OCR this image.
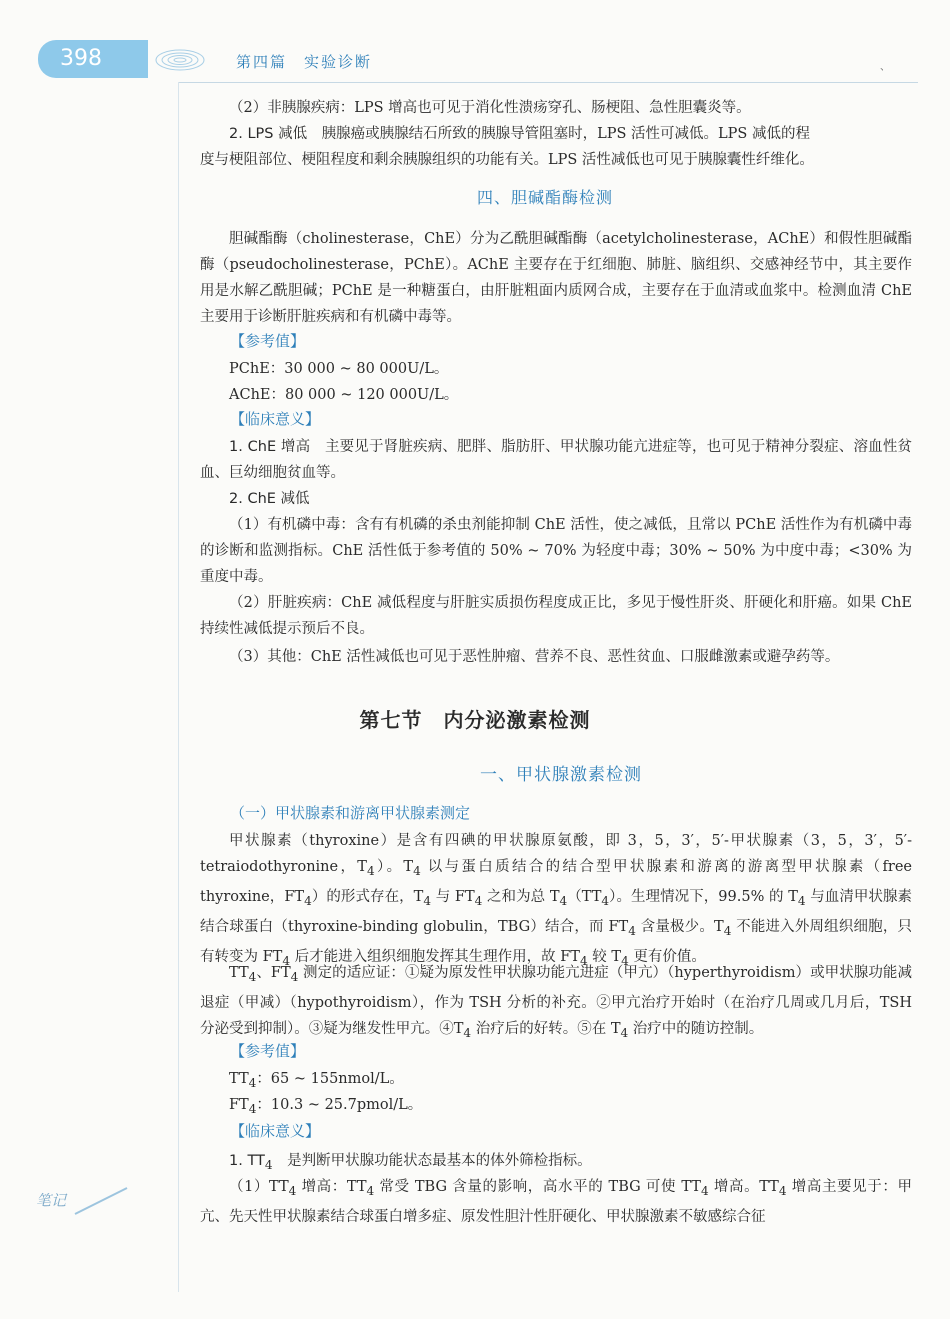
398	第四篇　实验诊断	、

（2）非胰腺疾病：LPS 增高也可见于消化性溃疡穿孔、肠梗阻、急性胆囊炎等。

2. LPS 减低　胰腺癌或胰腺结石所致的胰腺导管阻塞时，LPS 活性可减低。LPS 减低的程

度与梗阻部位、梗阻程度和剩余胰腺组织的功能有关。LPS 活性减低也可见于胰腺囊性纤维化。

四、胆碱酯酶检测

胆碱酯酶（cholinesterase，ChE）分为乙酰胆碱酯酶（acetylcholinesterase，AChE）和假性胆碱酯酶（pseudocholinesterase，PChE）。AChE 主要存在于红细胞、肺脏、脑组织、交感神经节中，其主要作用是水解乙酰胆碱；PChE 是一种糖蛋白，由肝脏粗面内质网合成，主要存在于血清或血浆中。检测血清 ChE 主要用于诊断肝脏疾病和有机磷中毒等。

【参考值】

PChE：30 000 ~ 80 000U/L。

AChE：80 000 ~ 120 000U/L。

【临床意义】

1. ChE 增高　主要见于肾脏疾病、肥胖、脂肪肝、甲状腺功能亢进症等，也可见于精神分裂症、溶血性贫血、巨幼细胞贫血等。

2. ChE 减低

（1）有机磷中毒：含有有机磷的杀虫剂能抑制 ChE 活性，使之减低，且常以 PChE 活性作为有机磷中毒的诊断和监测指标。ChE 活性低于参考值的 50% ~ 70% 为轻度中毒；30% ~ 50% 为中度中毒；<30% 为重度中毒。

（2）肝脏疾病：ChE 减低程度与肝脏实质损伤程度成正比，多见于慢性肝炎、肝硬化和肝癌。如果 ChE 持续性减低提示预后不良。

（3）其他：ChE 活性减低也可见于恶性肿瘤、营养不良、恶性贫血、口服雌激素或避孕药等。

第七节　内分泌激素检测
一、甲状腺激素检测
（一）甲状腺素和游离甲状腺素测定

甲状腺素（thyroxine）是含有四碘的甲状腺原氨酸，即 3，5，3′，5′-甲状腺素（3，5，3′，5′-tetraiodothyronine，$T_4$）。$T_4$ 以与蛋白质结合的结合型甲状腺素和游离的游离型甲状腺素（free thyroxine，$FT_4$）的形式存在，$T_4$ 与 $FT_4$ 之和为总 $T_4(TT_4)$。生理情况下，99.5% 的 $T_4$ 与血清甲状腺素结合球蛋白（thyroxine-binding globulin，TBG）结合，而 $FT_4$ 含量极少。$T_4$ 不能进入外周组织细胞，只有转变为 $FT_4$ 后才能进入组织细胞发挥其生理作用，故 $FT_4$ 较 $T_4$ 更有价值。

$TT_4$、$FT_4$ 测定的适应证：①疑为原发性甲状腺功能亢进症（甲亢）（hyperthyroidism）或甲状腺功能减退症（甲减）（hypothyroidism），作为 TSH 分析的补充。②甲亢治疗开始时（在治疗几周或几月后，TSH 分泌受到抑制）。③疑为继发性甲亢。$④T_4$ 治疗后的好转。⑤在 $T_4$ 治疗中的随访控制。

【参考值】

$TT_4$：65 ~ 155nmol/L。

$FT_4$：10.3 ~ 25.7pmol/L。

【临床意义】

1. $TT_4$　是判断甲状腺功能状态最基本的体外筛检指标。

$(1)TT_4$ 增高：$TT_4$ 常受 TBG 含量的影响，高水平的 TBG 可使 $TT_4$ 增高。$TT_4$ 增高主要见于：甲亢、先天性甲状腺素结合球蛋白增多症、原发性胆汁性肝硬化、甲状腺激素不敏感综合征

笔记
